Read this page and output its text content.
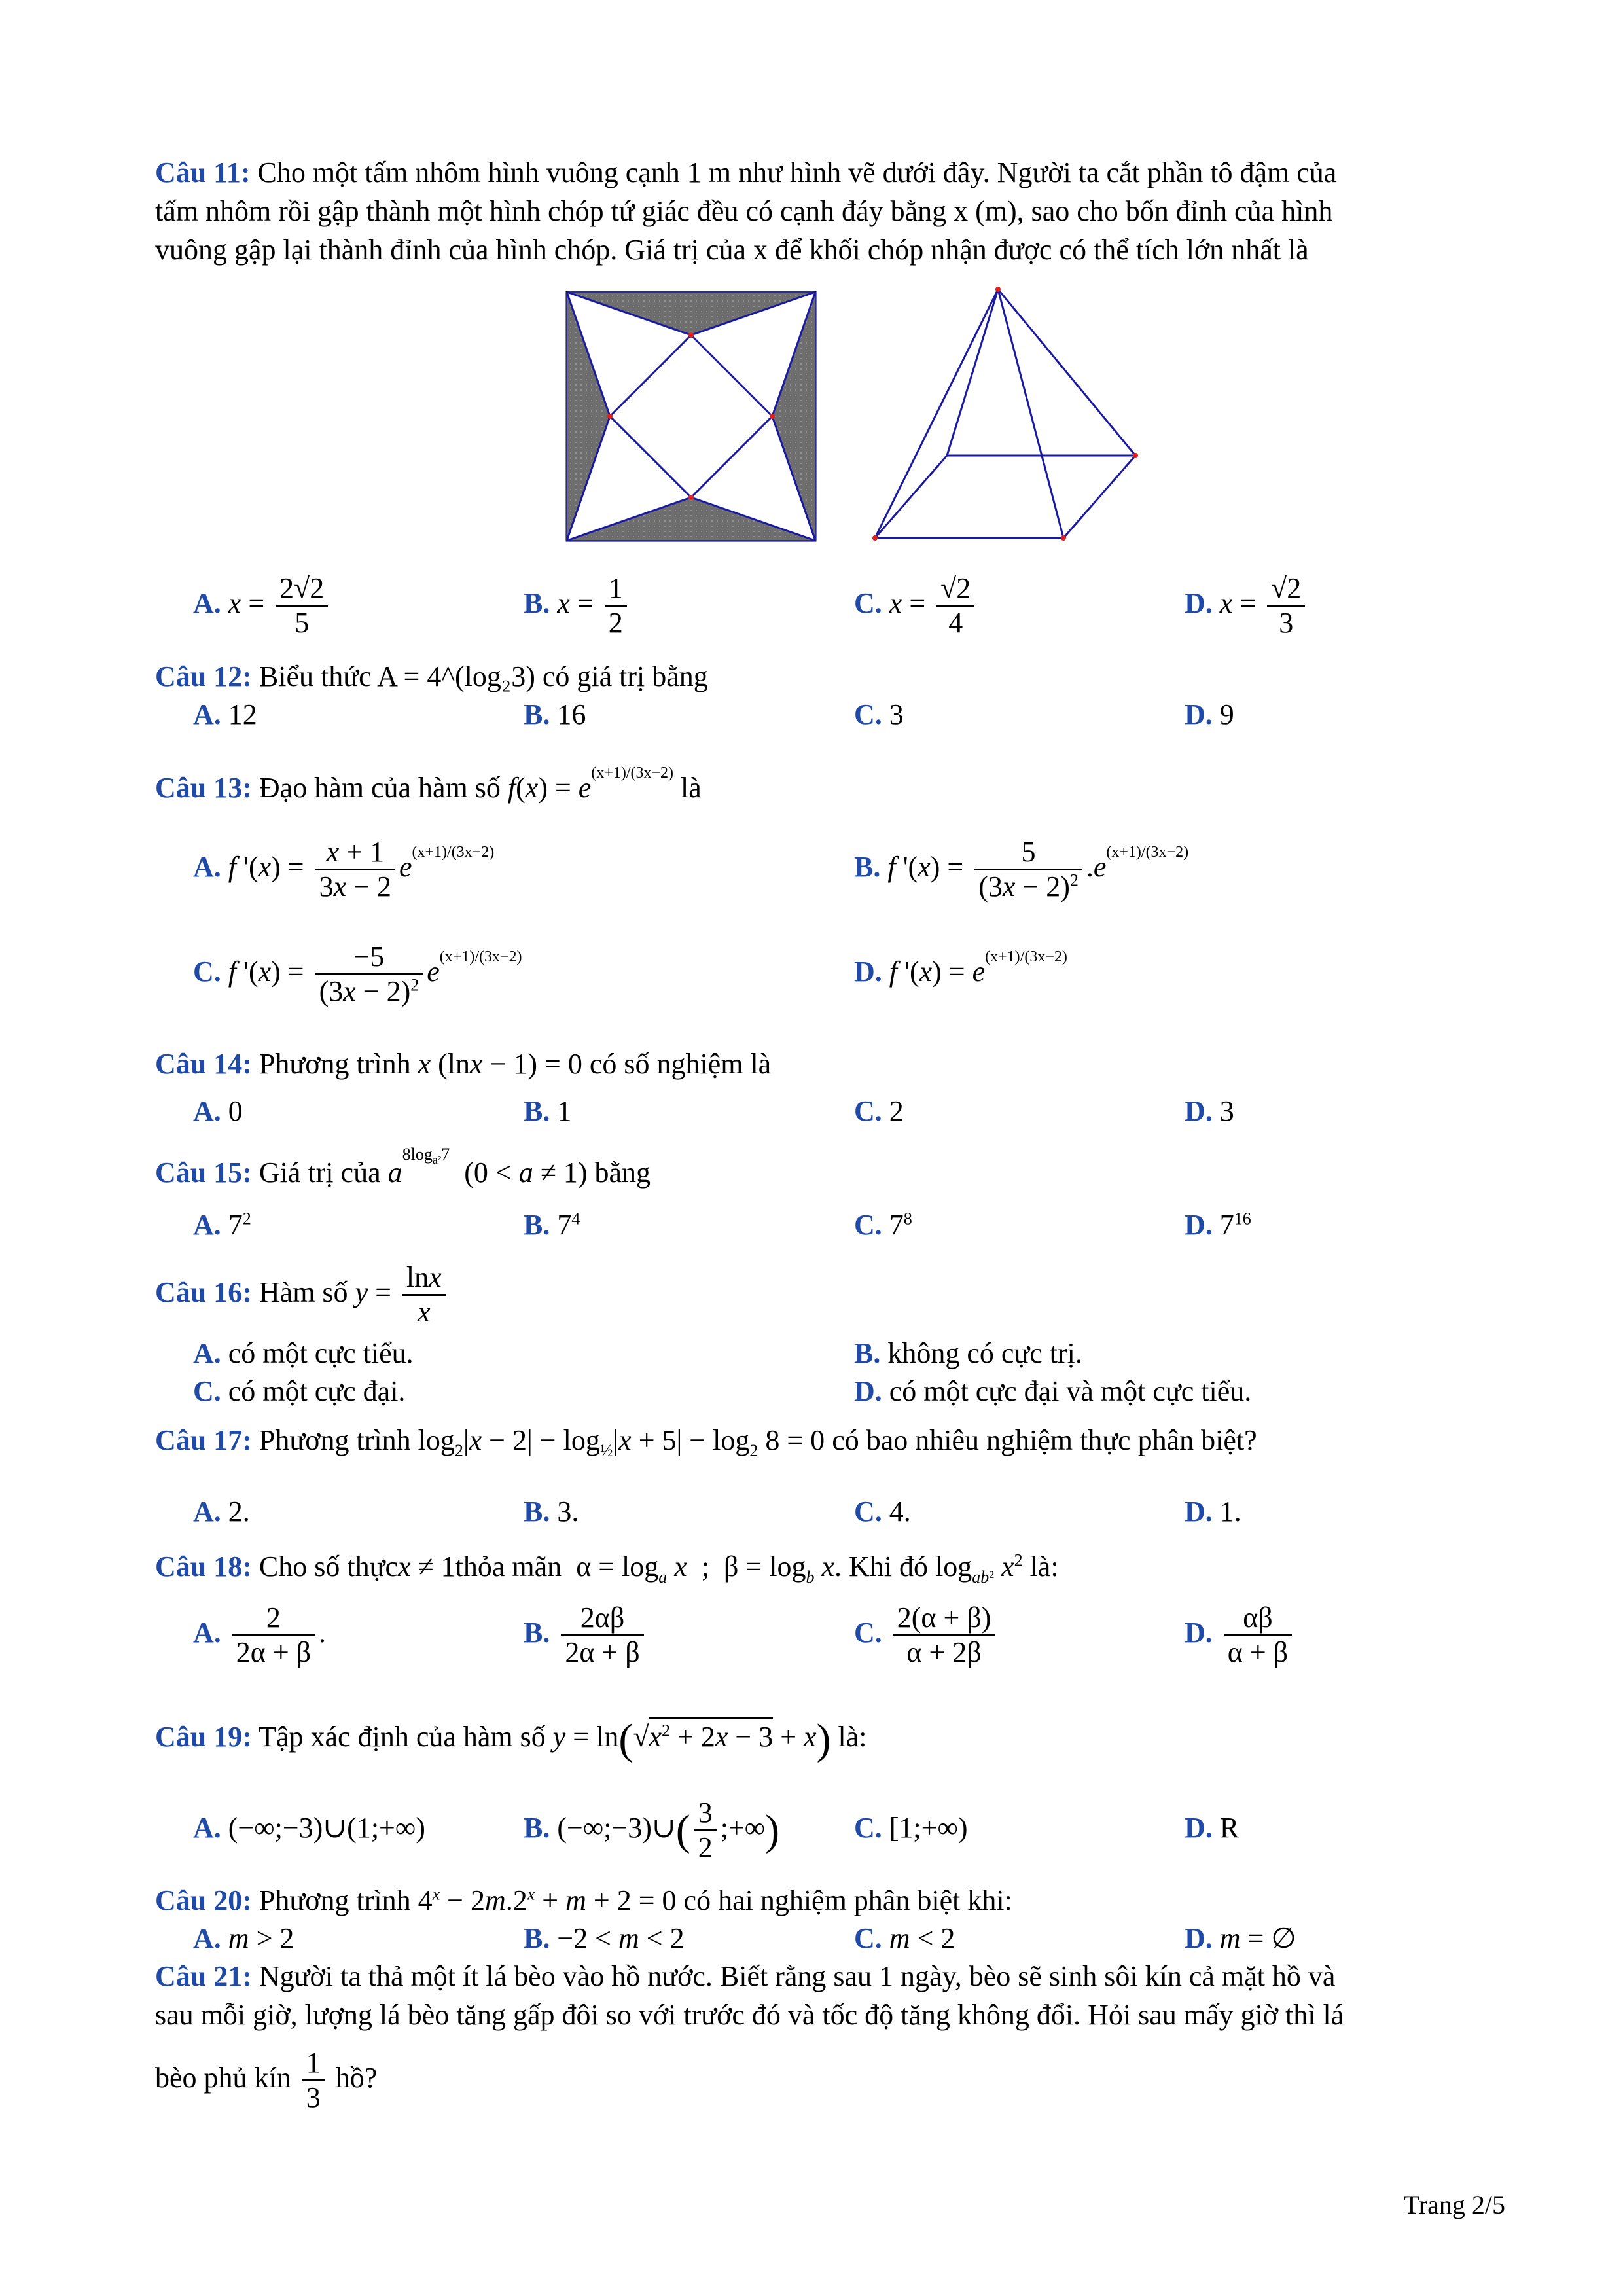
Câu 11: Cho một tấm nhôm hình vuông cạnh 1 m như hình vẽ dưới đây. Người ta cắt phần tô đậm của
tấm nhôm rồi gập thành một hình chóp tứ giác đều có cạnh đáy bằng x (m), sao cho bốn đỉnh của hình
vuông gập lại thành đỉnh của hình chóp. Giá trị của x để khối chóp nhận được có thể tích lớn nhất là
A. $x = \frac{2√2}{5}$	B. $x = \frac{1}{2}$	C. $x = \frac{√2}{4}$	D. $x = \frac{√2}{3}$
Câu 12: Biểu thức A = 4^(log₂3) có giá trị bằng
A. 12	B. 16	C. 3	D. 9
Câu 13: Đạo hàm của hàm số $f(x) = e^{(x+1)/(3x-2)}$ là
A. f '$(x) = \frac{x + 1}{3x - 2} e^{(x+1)/(3x-2)}$	B. f '$(x) = \frac{5}{(3x - 2)^2} .e^{(x+1)/(3x-2)}$
C. f '$(x) = \frac{-5}{(3x - 2)^2} e^{(x+1)/(3x-2)}$	D. f '$(x) = e^{(x+1)/(3x-2)}$
Câu 14: Phương trình x (lnx − 1) = 0 có số nghiệm là
A. 0	B. 1	C. 2	D. 3
Câu 15: Giá trị của $a^{8log_{a^2}7}$  (0 < a ≠ 1) bằng
A. $7^2$	B. $7^4$	C. $7^8$	D. $7^{16}$
Câu 16: Hàm số $y = \frac{\ln x}{x}$
A. có một cực tiểu.	B. không có cực trị.
C. có một cực đại.	D. có một cực đại và một cực tiểu.
Câu 17: Phương trình $\log_2|x - 2| - \log_{\frac{1}{2}}|x + 5| - \log_2 8 = 0$ có bao nhiêu nghiệm thực phân biệt?
A. 2.	B. 3.	C. 4.	D. 1.
Câu 18: Cho số thựcx ≠ 1thỏa mãn  $\alpha = \log_a x$  ;  $\beta = \log_b x$. Khi đó $\log_{ab^2} x^2$ là:
A. $\frac{2}{2\alpha + \beta}$ .	B. $\frac{2\alpha\beta}{2\alpha + \beta}$	C. $\frac{2(\alpha + \beta)}{\alpha + 2\beta}$	D. $\frac{\alpha\beta}{\alpha + \beta}$
Câu 19: Tập xác định của hàm số $y = \ln(√x^2 + 2x - 3 + x)$ là:
A. (−∞;−3)∪(1;+∞)	B. (−∞;−3)∪( $\frac{3}{2}$ ;+∞)	C. [1;+∞)	D. R
Câu 20: Phương trình $4^x - 2m.2^x + m + 2 = 0$ có hai nghiệm phân biệt khi:
A. m > 2	B. −2 < m < 2	C. m < 2	D. m = ∅
Câu 21: Người ta thả một ít lá bèo vào hồ nước. Biết rằng sau 1 ngày, bèo sẽ sinh sôi kín cả mặt hồ và
sau mỗi giờ, lượng lá bèo tăng gấp đôi so với trước đó và tốc độ tăng không đổi. Hỏi sau mấy giờ thì lá
bèo phủ kín $\frac{1}{3}$ hồ?
Trang 2/5
